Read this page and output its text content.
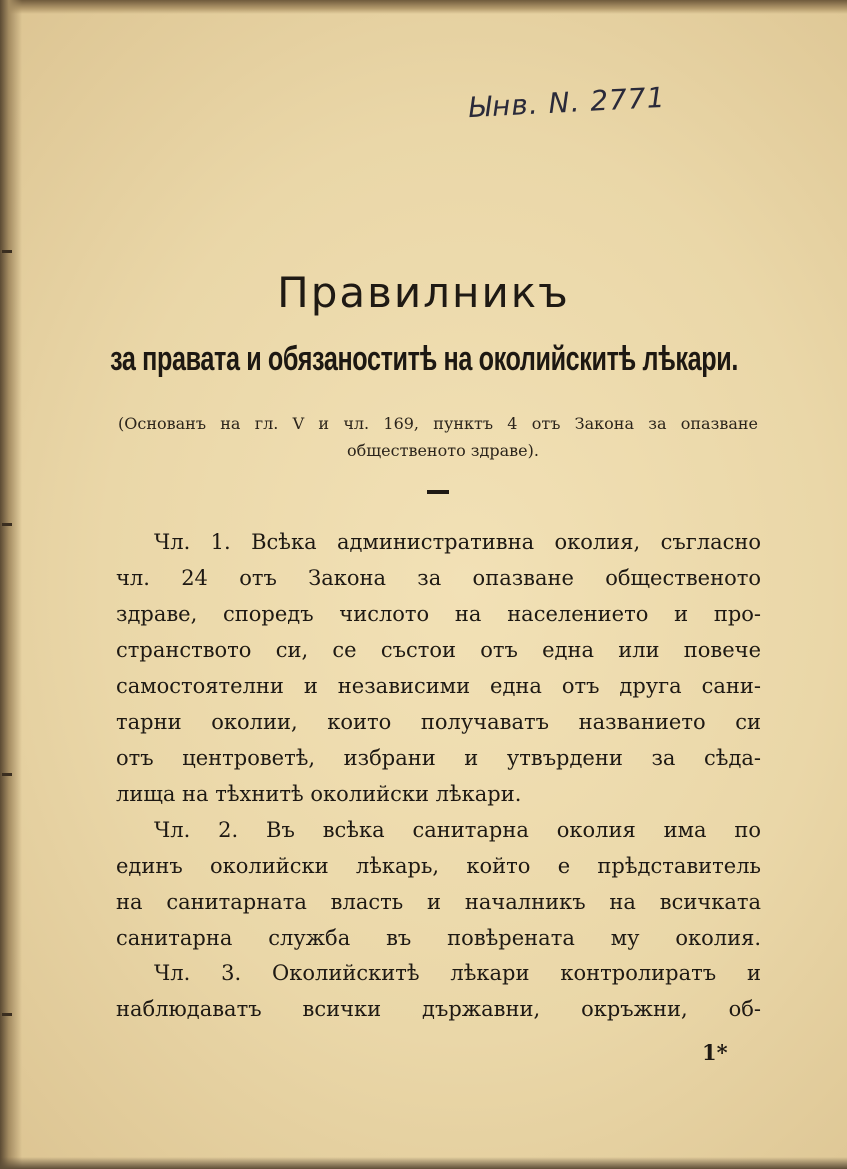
Ынв. N. 2771
Правилникъ
за правата и обязаноститѣ на околийскитѣ лѣкари.
(Основанъ на гл. V и чл. 169, пунктъ 4 отъ Закона за опазване
общественото здраве).
Чл. 1. Всѣка административна околия, съгласно
чл. 24 отъ Закона за опазване общественото
здраве, споредъ числото на населението и про-
странството си, се състои отъ една или повече
самостоятелни и независими една отъ друга сани-
тарни околии, които получаватъ названието си
отъ центроветѣ, избрани и утвърдени за сѣда-
лища на тѣхнитѣ околийски лѣкари.
Чл. 2. Въ всѣка санитарна околия има по
единъ околийски лѣкарь, който е прѣдставитель
на санитарната власть и началникъ на всичката
санитарна служба въ повѣрената му околия.
Чл. 3. Околийскитѣ лѣкари контролиратъ и
наблюдаватъ всички държавни, окръжни, об-
1*
